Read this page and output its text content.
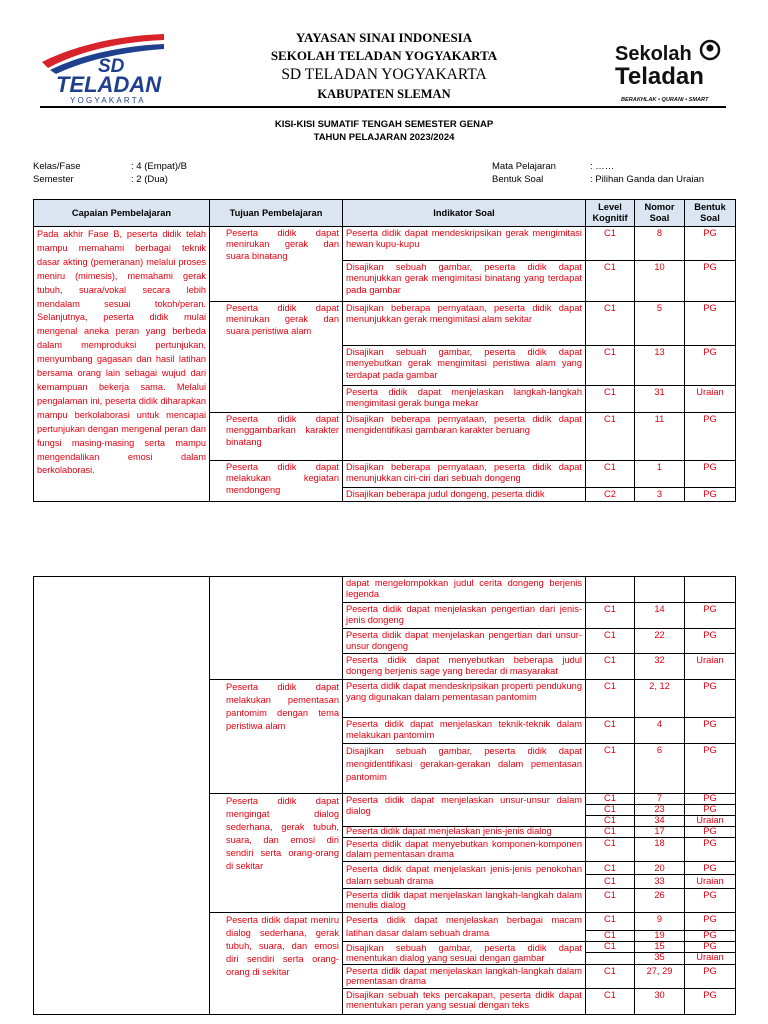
SD
TELADAN
YOGYAKARTA
YAYASAN SINAI INDONESIA
SEKOLAH TELADAN YOGYAKARTA
SD TELADAN YOGYAKARTA
KABUPATEN SLEMAN
Sekolah
Teladan
BERAKHLAK • QURANI • SMART
KISI-KISI SUMATIF TENGAH SEMESTER GENAP
TAHUN PELAJARAN 2023/2024
Kelas/Fase	: 4 (Empat)/B
Semester	: 2 (Dua)
Mata Pelajaran	: ……
Bentuk Soal	: Pilihan Ganda dan Uraian
Capaian Pembelajaran	Tujuan Pembelajaran	Indikator Soal	Level Kognitif	Nomor Soal	Bentuk Soal
Pada akhir Fase B, peserta didik telah mampu memahami berbagai teknik dasar akting (pemeranan) melalui proses meniru (mimesis), memahami gerak tubuh, suara/vokal secara lebih mendalam sesuai tokoh/peran. Selanjutnya, peserta didik mulai mengenal aneka peran yang berbeda dalam memproduksi pertunjukan, menyumbang gagasan dan hasil latihan bersama orang lain sebagai wujud dari kemampuan bekerja sama. Melalui pengalaman ini, peserta didik diharapkan mampu berkolaborasi untuk mencapai pertunjukan dengan mengenal peran dan fungsi masing-masing serta mampu mengendalikan emosi dalam berkolaborasi.	Peserta didik dapat menirukan gerak dan suara binatang	Peserta didik dapat mendeskripsikan gerak mengimitasi hewan kupu-kupu	C1	8	PG
		Disajikan sebuah gambar, peserta didik dapat menunjukkan gerak mengimitasi binatang yang terdapat pada gambar	C1	10	PG
	Peserta didik dapat menirukan gerak dan suara peristiwa alam	Disajikan beberapa pernyataan, peserta didik dapat menunjukkan gerak mengimitasi alam sekitar	C1	5	PG
		Disajikan sebuah gambar, peserta didik dapat menyebutkan gerak mengimitasi peristiwa alam yang terdapat pada gambar	C1	13	PG
		Peserta didik dapat menjelaskan langkah-langkah mengimitasi gerak bunga mekar	C1	31	Uraian
	Peserta didik dapat menggambarkan karakter binatang	Disajikan beberapa pernyataan, peserta didik dapat mengidentifikasi gambaran karakter beruang	C1	11	PG
	Peserta didik dapat melakukan kegiatan mendongeng	Disajikan beberapa pernyataan, peserta didik dapat menunjukkan ciri-ciri dari sebuah dongeng	C1	1	PG
		Disajikan beberapa judul dongeng, peserta didik	C2	3	PG
		dapat mengelompokkan judul cerita dongeng berjenis legenda			
		Peserta didik dapat menjelaskan pengertian dari jenis-jenis dongeng	C1	14	PG
		Peserta didik dapat menjelaskan pengertian dari unsur-unsur dongeng	C1	22	PG
		Peserta didik dapat menyebutkan beberapa judul dongeng berjenis sage yang beredar di masyarakat	C1	32	Uraian
	Peserta didik dapat melakukan pementasan pantomim dengan tema peristiwa alam	Peserta didik dapat mendeskripsikan properti pendukung yang digunakan dalam pementasan pantomim	C1	2, 12	PG
		Peserta didik dapat menjelaskan teknik-teknik dalam melakukan pantomim	C1	4	PG
		Disajikan sebuah gambar, peserta didik dapat mengidentifikasi gerakan-gerakan dalam pementasan pantomim	C1	6	PG
	Peserta didik dapat mengingat dialog sederhana, gerak tubuh, suara, dan emosi diri sendiri serta orang-orang di sekitar	Peserta didik dapat menjelaskan unsur-unsur dalam dialog	C1	7	PG
			C1	23	PG
			C1	34	Uraian
		Peserta didik dapat menjelaskan jenis-jenis dialog	C1	17	PG
		Peserta didik dapat menyebutkan komponen-komponen dalam pementasan drama	C1	18	PG
		Peserta didik dapat menjelaskan jenis-jenis penokohan dalam sebuah drama	C1	20	PG
			C1	33	Uraian
		Peserta didik dapat menjelaskan langkah-langkah dalam menulis dialog	C1	26	PG
	Peserta didik dapat meniru dialog sederhana, gerak tubuh, suara, dan emosi diri sendiri serta orang-orang di sekitar	Peserta didik dapat menjelaskan berbagai macam latihan dasar dalam sebuah drama	C1	9	PG
			C1	19	PG
		Disajikan sebuah gambar, peserta didik dapat menentukan dialog yang sesuai dengan gambar	C1	15	PG
				35	Uraian
		Peserta didik dapat menjelaskan langkah-langkah dalam pementasan drama	C1	27, 29	PG
		Disajikan sebuah teks percakapan, peserta didik dapat menentukan peran yang sesuai dengan teks	C1	30	PG
